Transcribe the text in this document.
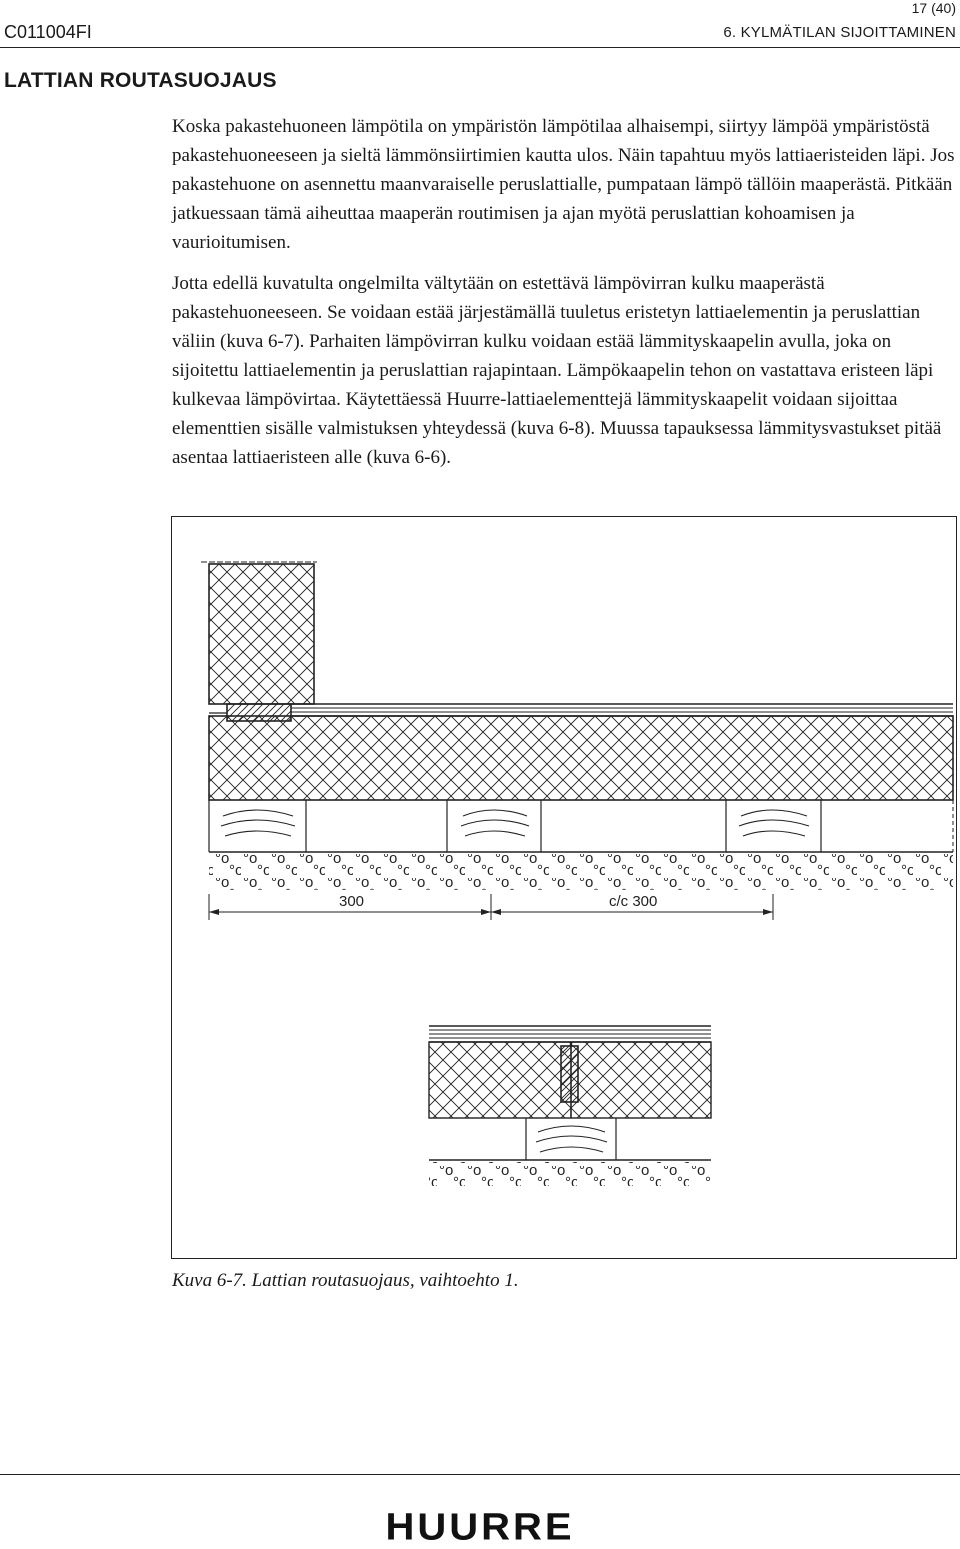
17 (40)
C011004FI	6. KYLMÄTILAN SIJOITTAMINEN
LATTIAN ROUTASUOJAUS

Koska pakastehuoneen lämpötila on ympäristön lämpötilaa alhaisempi, siirtyy lämpöä ympäristöstä pakastehuoneeseen ja sieltä lämmönsiirtimien kautta ulos. Näin tapahtuu myös lattiaeristeiden läpi. Jos pakastehuone on asennettu maanvaraiselle peruslattialle, pumpataan lämpö tällöin maaperästä. Pitkään jatkuessaan tämä aiheuttaa maaperän routimisen ja ajan myötä peruslattian kohoamisen ja vaurioitumisen.

Jotta edellä kuvatulta ongelmilta vältytään on estettävä lämpövirran kulku maaperästä pakastehuoneeseen. Se voidaan estää järjestämällä tuuletus eristetyn lattiaelementin ja peruslattian väliin (kuva 6-7). Parhaiten lämpövirran kulku voidaan estää lämmityskaapelin avulla, joka on sijoitettu lattiaelementin ja peruslattian rajapintaan. Lämpökaapelin tehon on vastattava eristeen läpi kulkevaa lämpövirtaa. Käytettäessä Huurre-lattiaelementtejä lämmityskaapelit voidaan sijoittaa elementtien sisälle valmistuksen yhteydessä (kuva 6-8). Muussa tapauksessa lämmitysvastukset pitää asentaa lattiaeristeen alle (kuva 6-6).

300	c/c 300
Kuva 6-7. Lattian routasuojaus, vaihtoehto 1.
HUURRE
